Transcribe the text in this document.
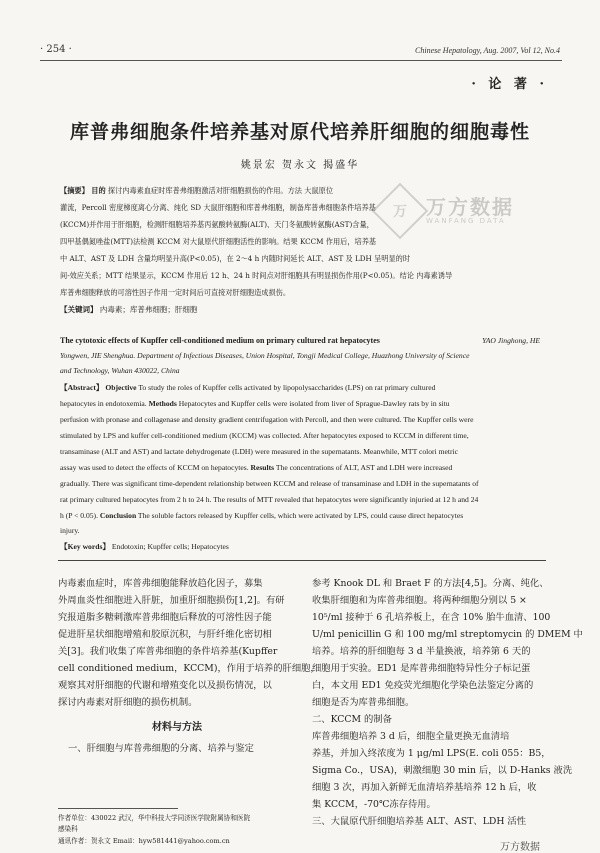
· 254 ·	Chinese Hepatology, Aug. 2007, Vol 12, No.4
· 论 著 ·
库普弗细胞条件培养基对原代培养肝细胞的细胞毒性
姚景宏 贺永文 揭盛华
【摘要】 目的 探讨内毒素血症时库普弗细胞激活对肝细胞损伤的作用。方法 大鼠原位
灌流，Percoll 密度梯度离心分离、纯化 SD 大鼠肝细胞和库普弗细胞，制备库普弗细胞条件培养基
(KCCM)并作用于肝细胞，检测肝细胞培养基丙氨酸转氨酶(ALT)、天门冬氨酸转氨酶(AST)含量，
四甲基偶氮唑盐(MTT)法检测 KCCM 对大鼠原代肝细胞活性的影响。结果 KCCM 作用后，培养基
中 ALT、AST 及 LDH 含量均明显升高(P<0.05)，在 2～4 h 内随时间延长 ALT、AST 及 LDH 呈明显的时
间-效应关系；MTT 结果显示，KCCM 作用后 12 h、24 h 时间点对肝细胞具有明显损伤作用(P<0.05)。结论 内毒素诱导
库普弗细胞释放的可溶性因子作用一定时间后可直接对肝细胞造成损伤。
【关键词】 内毒素；库普弗细胞；肝细胞
万 万方数据
WANFANG DATA
The cytotoxic effects of Kupffer cell-conditioned medium on primary cultured rat hepatocytes	YAO Jinghong, HE
Yongwen, JIE Shenghua. Department of Infectious Diseases, Union Hospital, Tongji Medical College, Huazhong University of Science
and Technology, Wuhan 430022, China
【Abstract】 Objective To study the roles of Kupffer cells activated by lipopolysaccharides (LPS) on rat primary cultured
hepatocytes in endotoxemia. Methods Hepatocytes and Kupffer cells were isolated from liver of Sprague-Dawley rats by in situ
perfusion with pronase and collagenase and density gradient centrifugation with Percoll, and then were cultured. The Kupffer cells were
stimulated by LPS and kuffer cell-conditioned medium (KCCM) was collected. After hepatocytes exposed to KCCM in different time,
transaminase (ALT and AST) and lactate dehydrogenate (LDH) were measured in the supernatants. Meanwhile, MTT colori metric
assay was used to detect the effects of KCCM on hepatocytes. Results The concentrations of ALT, AST and LDH were increased
gradually. There was significant time-dependent relationship between KCCM and release of transaminase and LDH in the supernatants of
rat primary cultured hepatocytes from 2 h to 24 h. The results of MTT revealed that hepatocytes were significantly injuried at 12 h and 24
h (P < 0.05). Conclusion The soluble factors released by Kupffer cells, which were activated by LPS, could cause direct hepatocytes
injury.
【Key words】 Endotoxin; Kupffer cells; Hepatocytes
内毒素血症时，库普弗细胞能释放趋化因子，募集
外周血炎性细胞进入肝脏，加重肝细胞损伤[1,2]。有研
究报道脂多糖刺激库普弗细胞后释放的可溶性因子能
促进肝星状细胞增殖和胶原沉积，与肝纤维化密切相
关[3]。我们收集了库普弗细胞的条件培养基(Kupffer
cell conditioned medium，KCCM)，作用于培养的肝细胞，
观察其对肝细胞的代谢和增殖变化以及损伤情况，以
探讨内毒素对肝细胞的损伤机制。
材料与方法
一、肝细胞与库普弗细胞的分离、培养与鉴定
参考 Knook DL 和 Braet F 的方法[4,5]。分离、纯化、
收集肝细胞和为库普弗细胞。将两种细胞分别以 5 ×
10⁵/ml 接种于 6 孔培养板上，在含 10% 胎牛血清、100
U/ml penicillin G 和 100 mg/ml streptomycin 的 DMEM 中
培养。培养的肝细胞每 3 d 半量换液，培养第 6 天的
细胞用于实验。ED1 是库普弗细胞特异性分子标记蛋
白，本文用 ED1 免疫荧光细胞化学染色法鉴定分离的
细胞是否为库普弗细胞。
二、KCCM 的制备
库普弗细胞培养 3 d 后，细胞全量更换无血清培
养基，并加入终浓度为 1 μg/ml LPS(E. coli 055：B5，
Sigma Co.，USA)，刺激细胞 30 min 后，以 D-Hanks 液洗
细胞 3 次，再加入新鲜无血清培养基培养 12 h 后，收
集 KCCM，-70℃冻存待用。
三、大鼠原代肝细胞培养基 ALT、AST、LDH 活性
作者单位：430022 武汉，华中科技大学同济医学院附属协和医院
感染科
通讯作者：贺永文 Email：hyw581441@yahoo.com.cn
万方数据
